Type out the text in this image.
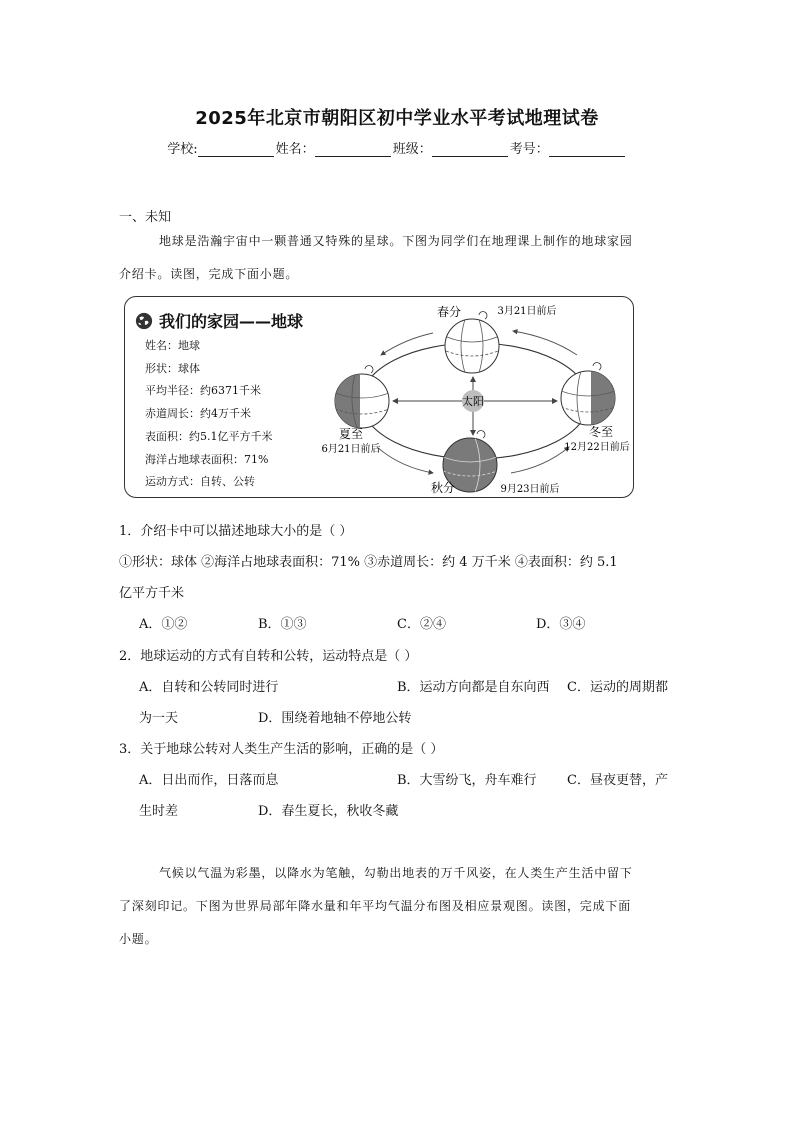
2025年北京市朝阳区初中学业水平考试地理试卷
学校:	姓名：	班级：	考号：
一、未知
地球是浩瀚宇宙中一颗普通又特殊的星球。下图为同学们在地理课上制作的地球家园
介绍卡。读图，完成下面小题。
我们的家园——地球
姓名：地球
形状：球体
平均半径：约6371千米
赤道周长：约4万千米
表面积：约5.1亿平方千米
海洋占地球表面积：71%
运动方式：自转、公转
太阳
春分	3月21日前后
夏至
6月21日前后
冬至
12月22日前后
秋分	9月23日前后
1．介绍卡中可以描述地球大小的是（ ）
①形状：球体 ②海洋占地球表面积：71% ③赤道周长：约 4 万千米 ④表面积：约 5.1
亿平方千米
A．①②	B．①③	C．②④	D．③④
2．地球运动的方式有自转和公转，运动特点是（ ）
A．自转和公转同时进行	B．运动方向都是自东向西 C．运动的周期都
为一天	D．围绕着地轴不停地公转
3．关于地球公转对人类生产生活的影响，正确的是（ ）
A．日出而作，日落而息	B．大雪纷飞，舟车难行 C．昼夜更替，产
生时差	D．春生夏长，秋收冬藏
气候以气温为彩墨，以降水为笔触，勾勒出地表的万千风姿，在人类生产生活中留下
了深刻印记。下图为世界局部年降水量和年平均气温分布图及相应景观图。读图，完成下面
小题。
